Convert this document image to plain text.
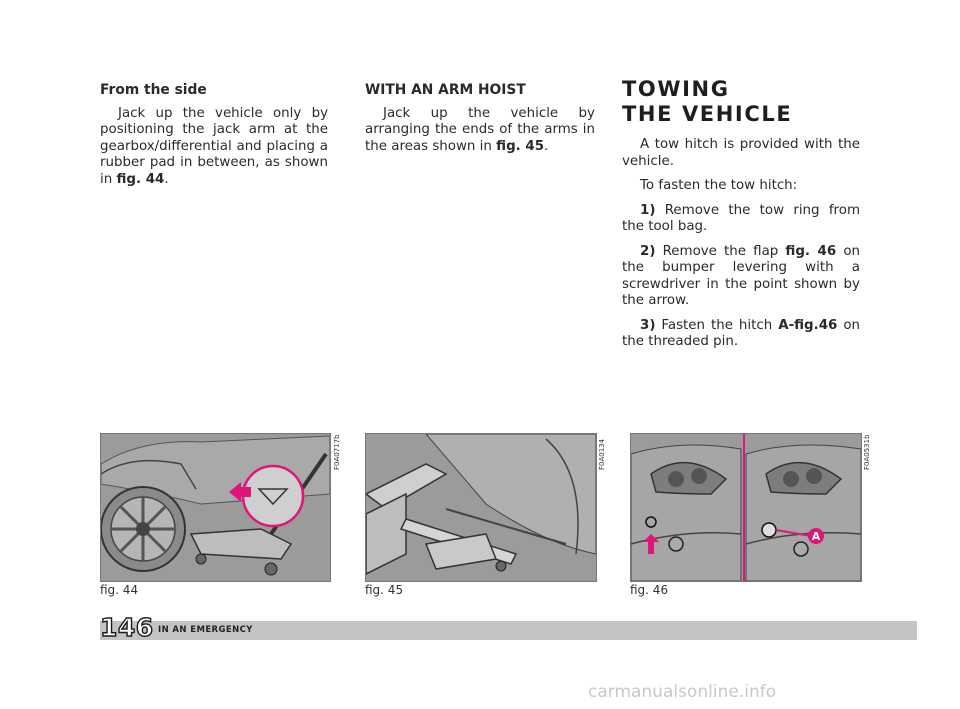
From the side

Jack up the vehicle only by positioning the jack arm at the gearbox/differential and placing a rubber pad in between, as shown in fig. 44.

WITH AN ARM HOIST

Jack up the vehicle by arranging the ends of the arms in the areas shown in fig. 45.

TOWING
THE VEHICLE

A tow hitch is provided with the vehicle.

To fasten the tow hitch:

1) Remove the tow ring from the tool bag.

2) Remove the flap fig. 46 on the bumper levering with a screwdriver in the point shown by the arrow.

3) Fasten the hitch A-fig.46 on the threaded pin.

F0A0717b
fig. 44
F0A0134
fig. 45
A
F0A0531b
fig. 46
146 IN AN EMERGENCY
carmanualsonline.info
